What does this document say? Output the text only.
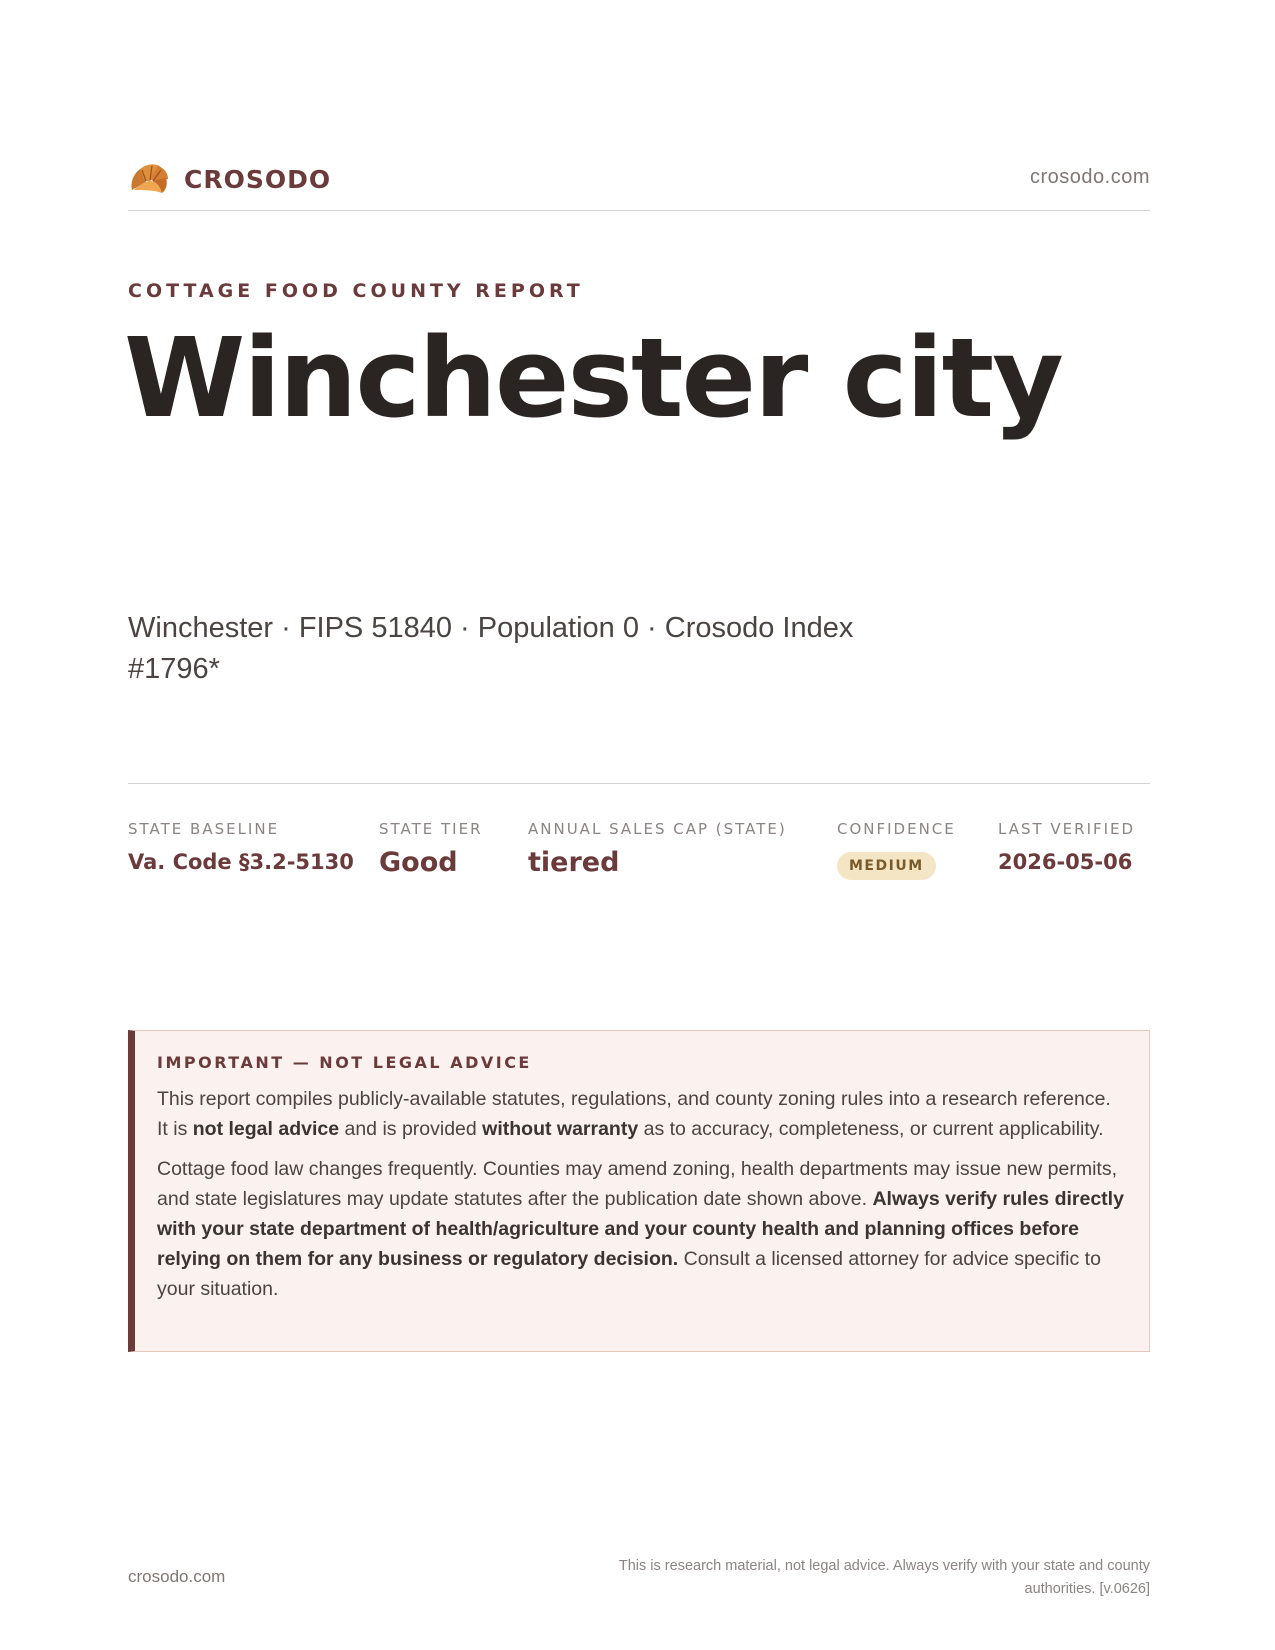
CROSODO	crosodo.com
COTTAGE FOOD COUNTY REPORT
Winchester city
Winchester · FIPS 51840 · Population 0 · Crosodo Index #1796*
STATE BASELINE
Va. Code §3.2-5130
STATE TIER
Good
ANNUAL SALES CAP (STATE)
tiered
CONFIDENCE
MEDIUM
LAST VERIFIED
2026-05-06
IMPORTANT — NOT LEGAL ADVICE

This report compiles publicly-available statutes, regulations, and county zoning rules into a research reference. It is not legal advice and is provided without warranty as to accuracy, completeness, or current applicability.

Cottage food law changes frequently. Counties may amend zoning, health departments may issue new permits, and state legislatures may update statutes after the publication date shown above. Always verify rules directly with your state department of health/agriculture and your county health and planning offices before relying on them for any business or regulatory decision. Consult a licensed attorney for advice specific to your situation.

crosodo.com
This is research material, not legal advice. Always verify with your state and county authorities. [v.0626]
